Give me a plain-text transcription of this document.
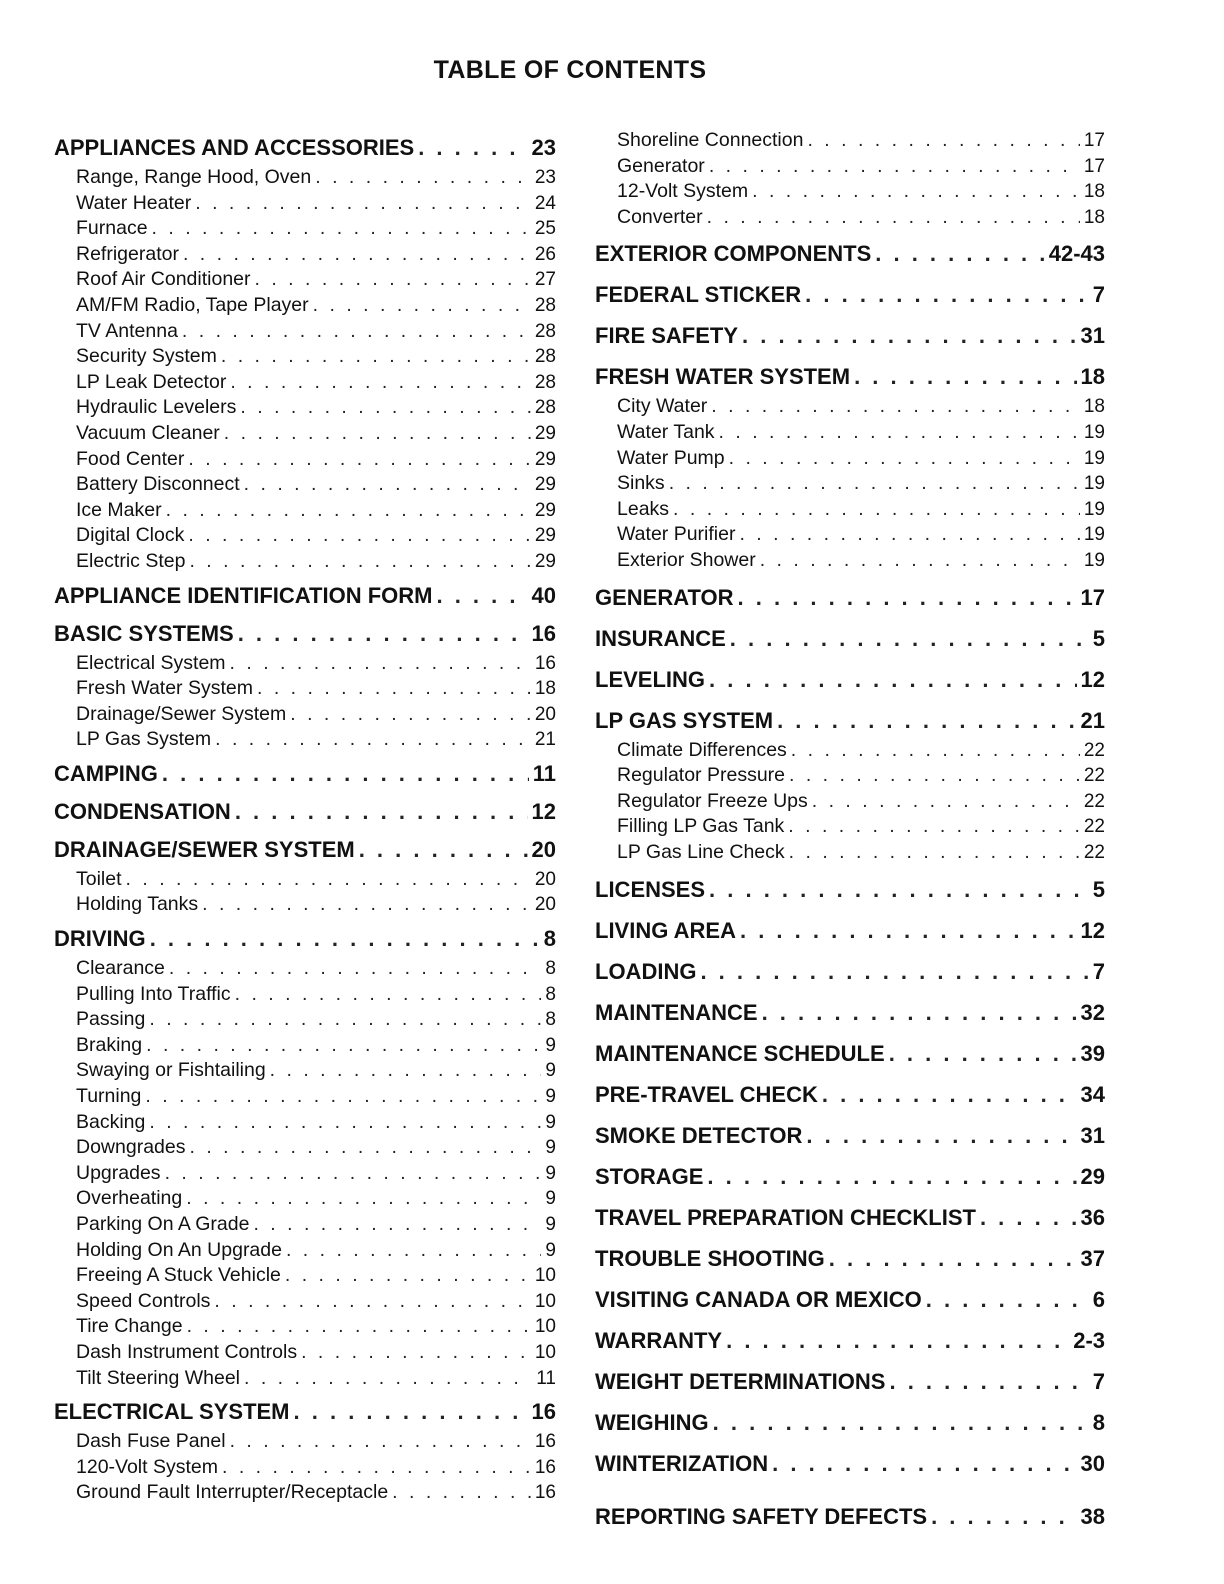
TABLE OF CONTENTS
APPLIANCES AND ACCESSORIES . . .	23
Range, Range Hood, Oven . . .	23
Water Heater . . .	24
Furnace . . .	25
Refrigerator . . .	26
Roof Air Conditioner . . .	27
AM/FM Radio, Tape Player . . .	28
TV Antenna . . .	28
Security System . . .	28
LP Leak Detector . . .	28
Hydraulic Levelers . . .	28
Vacuum Cleaner . . .	29
Food Center . . .	29
Battery Disconnect . . .	29
Ice Maker . . .	29
Digital Clock . . .	29
Electric Step . . .	29
APPLIANCE IDENTIFICATION FORM . . .	40
BASIC SYSTEMS . . .	16
Electrical System . . .	16
Fresh Water System . . .	18
Drainage/Sewer System . . .	20
LP Gas System . . .	21
CAMPING . . .	11
CONDENSATION . . .	12
DRAINAGE/SEWER SYSTEM . . .	20
Toilet . . .	20
Holding Tanks . . .	20
DRIVING . . .	8
Clearance . . .	8
Pulling Into Traffic . . .	8
Passing . . .	8
Braking . . .	9
Swaying or Fishtailing . . .	9
Turning . . .	9
Backing . . .	9
Downgrades . . .	9
Upgrades . . .	9
Overheating . . .	9
Parking On A Grade . . .	9
Holding On An Upgrade . . .	9
Freeing A Stuck Vehicle . . .	10
Speed Controls . . .	10
Tire Change . . .	10
Dash Instrument Controls . . .	10
Tilt Steering Wheel . . .	11
ELECTRICAL SYSTEM . . .	16
Dash Fuse Panel . . .	16
120-Volt System . . .	16
Ground Fault Interrupter/Receptacle . . .	16
Shoreline Connection . . .	17
Generator . . .	17
12-Volt System . . .	18
Converter . . .	18
EXTERIOR COMPONENTS . . .	42-43
FEDERAL STICKER . . .	7
FIRE SAFETY . . .	31
FRESH WATER SYSTEM . . .	18
City Water . . .	18
Water Tank . . .	19
Water Pump . . .	19
Sinks . . .	19
Leaks . . .	19
Water Purifier . . .	19
Exterior Shower . . .	19
GENERATOR . . .	17
INSURANCE . . .	5
LEVELING . . .	12
LP GAS SYSTEM . . .	21
Climate Differences . . .	22
Regulator Pressure . . .	22
Regulator Freeze Ups . . .	22
Filling LP Gas Tank . . .	22
LP Gas Line Check . . .	22
LICENSES . . .	5
LIVING AREA . . .	12
LOADING . . .	7
MAINTENANCE . . .	32
MAINTENANCE SCHEDULE . . .	39
PRE-TRAVEL CHECK . . .	34
SMOKE DETECTOR . . .	31
STORAGE . . .	29
TRAVEL PREPARATION CHECKLIST . . .	36
TROUBLE SHOOTING . . .	37
VISITING CANADA OR MEXICO . . .	6
WARRANTY . . .	2-3
WEIGHT DETERMINATIONS . . .	7
WEIGHING . . .	8
WINTERIZATION . . .	30
REPORTING SAFETY DEFECTS . . .	38
